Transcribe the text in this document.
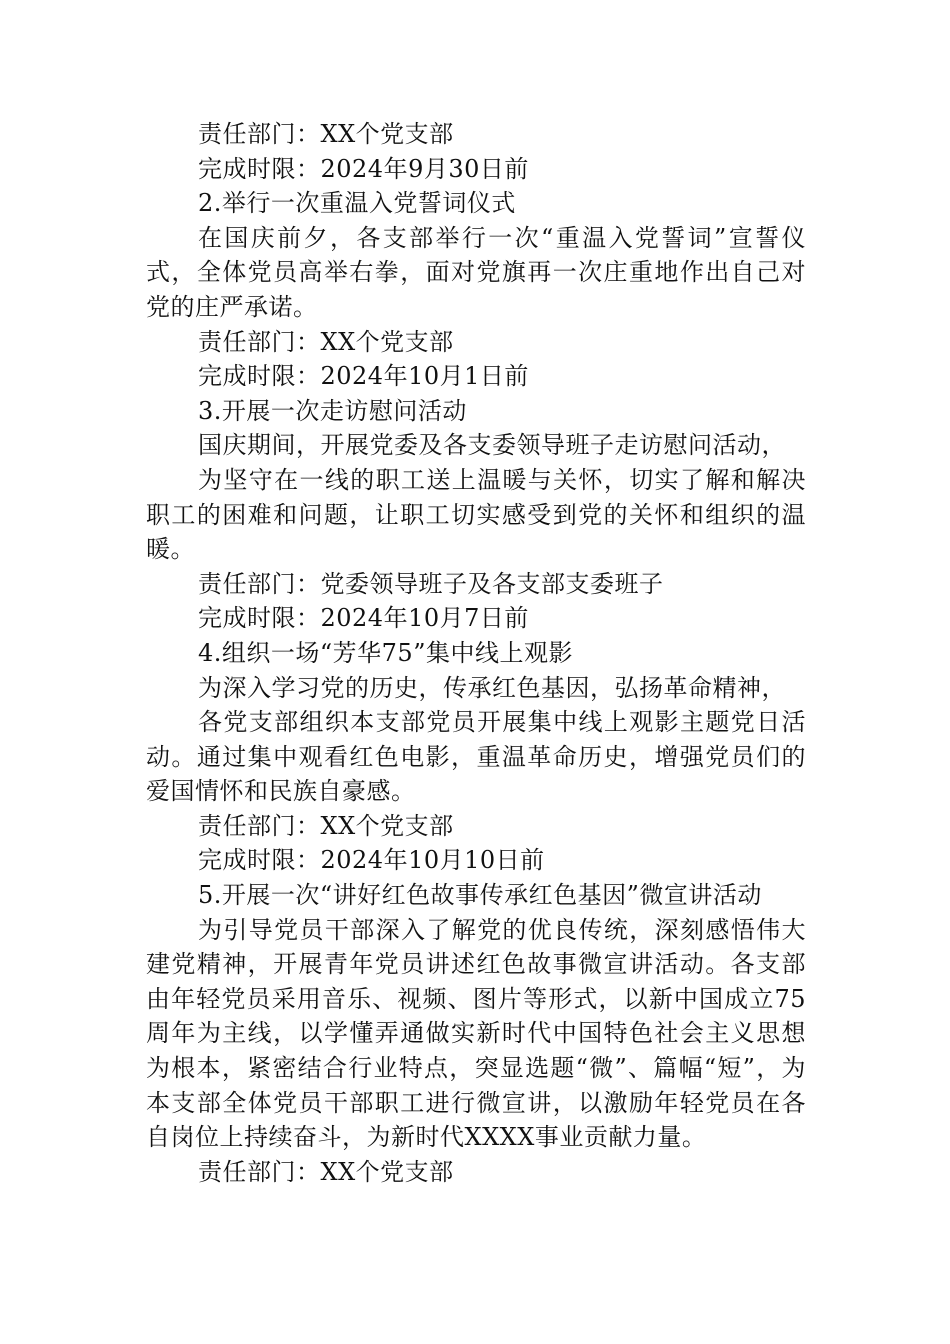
责任部门：XX个党支部

完成时限：2024年9月30日前

2.举行一次重温入党誓词仪式

在国庆前夕，各支部举行一次“重温入党誓词”宣誓仪式，全体党员高举右拳，面对党旗再一次庄重地作出自己对党的庄严承诺。

责任部门：XX个党支部

完成时限：2024年10月1日前

3.开展一次走访慰问活动

国庆期间，开展党委及各支委领导班子走访慰问活动，

为坚守在一线的职工送上温暖与关怀，切实了解和解决职工的困难和问题，让职工切实感受到党的关怀和组织的温暖。

责任部门：党委领导班子及各支部支委班子

完成时限：2024年10月7日前

4.组织一场“芳华75”集中线上观影

为深入学习党的历史，传承红色基因，弘扬革命精神，

各党支部组织本支部党员开展集中线上观影主题党日活动。通过集中观看红色电影，重温革命历史，增强党员们的爱国情怀和民族自豪感。

责任部门：XX个党支部

完成时限：2024年10月10日前

5.开展一次“讲好红色故事传承红色基因”微宣讲活动

为引导党员干部深入了解党的优良传统，深刻感悟伟大建党精神，开展青年党员讲述红色故事微宣讲活动。各支部由年轻党员采用音乐、视频、图片等形式，以新中国成立75周年为主线，以学懂弄通做实新时代中国特色社会主义思想为根本，紧密结合行业特点，突显选题“微”、篇幅“短”，为本支部全体党员干部职工进行微宣讲，以激励年轻党员在各自岗位上持续奋斗，为新时代XXXX事业贡献力量。

责任部门：XX个党支部
